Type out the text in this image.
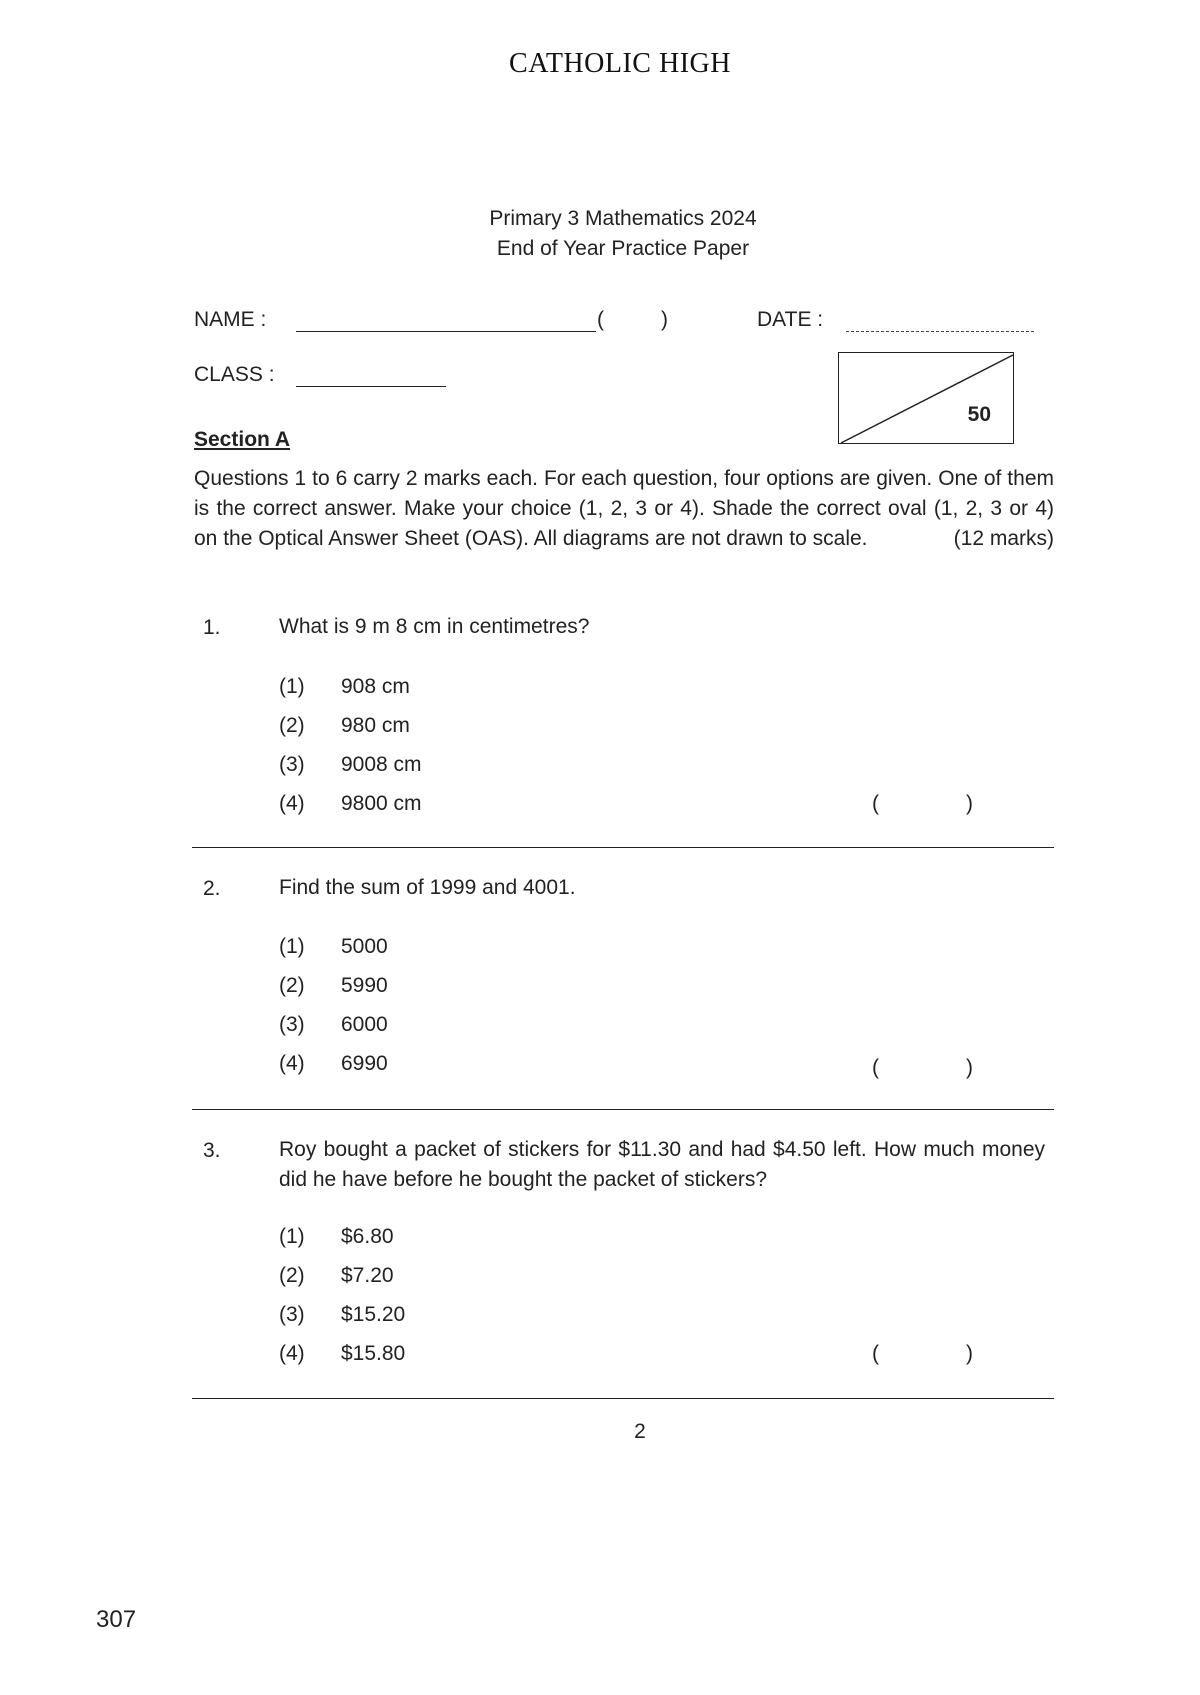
CATHOLIC HIGH
Primary 3 Mathematics 2024
End of Year Practice Paper
NAME :	(	)	DATE :
CLASS :
50
Section A

Questions 1 to 6 carry 2 marks each. For each question, four options are given. One of them is the correct answer. Make your choice (1, 2, 3 or 4). Shade the correct oval (1, 2, 3 or 4) on the Optical Answer Sheet (OAS). All diagrams are not drawn to scale.	(12 marks)

1.	What is 9 m 8 cm in centimetres?
(1) 908 cm
(2) 980 cm
(3) 9008 cm
(4) 9800 cm	(	)
2.	Find the sum of 1999 and 4001.
(1) 5000
(2) 5990
(3) 6000
(4) 6990	(	)
3.	Roy bought a packet of stickers for $11.30 and had $4.50 left. How much money did he have before he bought the packet of stickers?
(1) $6.80
(2) $7.20
(3) $15.20
(4) $15.80	(	)
2
307
